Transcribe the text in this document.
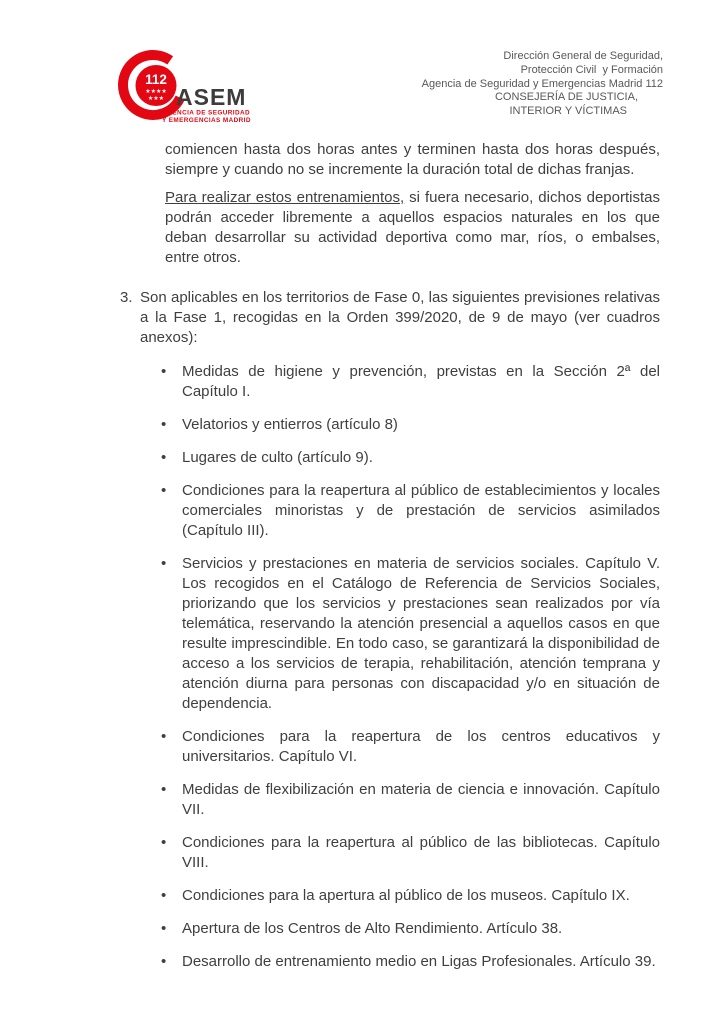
112
★★★★
★★★ ASEM
AGENCIA DE SEGURIDAD
Y EMERGENCIAS MADRID
Dirección General de Seguridad,
Protección Civil  y Formación
Agencia de Seguridad y Emergencias Madrid 112
CONSEJERÍA DE JUSTICIA,
INTERIOR Y VÍCTIMAS

comiencen hasta dos horas antes y terminen hasta dos horas después, siempre y cuando no se incremente la duración total de dichas franjas.

Para realizar estos entrenamientos, si fuera necesario, dichos deportistas podrán acceder libremente a aquellos espacios naturales en los que deban desarrollar su actividad deportiva como mar, ríos, o embalses, entre otros.

3. Son aplicables en los territorios de Fase 0, las siguientes previsiones relativas a la Fase 1, recogidas en la Orden 399/2020, de 9 de mayo (ver cuadros anexos):
• Medidas de higiene y prevención, previstas en la Sección 2ª del Capítulo I.
• Velatorios y entierros (artículo 8)
• Lugares de culto (artículo 9).
• Condiciones para la reapertura al público de establecimientos y locales comerciales minoristas y de prestación de servicios asimilados (Capítulo III).
• Servicios y prestaciones en materia de servicios sociales. Capítulo V. Los recogidos en el Catálogo de Referencia de Servicios Sociales, priorizando que los servicios y prestaciones sean realizados por vía telemática, reservando la atención presencial a aquellos casos en que resulte imprescindible. En todo caso, se garantizará la disponibilidad de acceso a los servicios de terapia, rehabilitación, atención temprana y atención diurna para personas con discapacidad y/o en situación de dependencia.
• Condiciones para la reapertura de los centros educativos y universitarios. Capítulo VI.
• Medidas de flexibilización en materia de ciencia e innovación. Capítulo VII.
• Condiciones para la reapertura al público de las bibliotecas. Capítulo VIII.
• Condiciones para la apertura al público de los museos. Capítulo IX.
• Apertura de los Centros de Alto Rendimiento. Artículo 38.
• Desarrollo de entrenamiento medio en Ligas Profesionales. Artículo 39.
